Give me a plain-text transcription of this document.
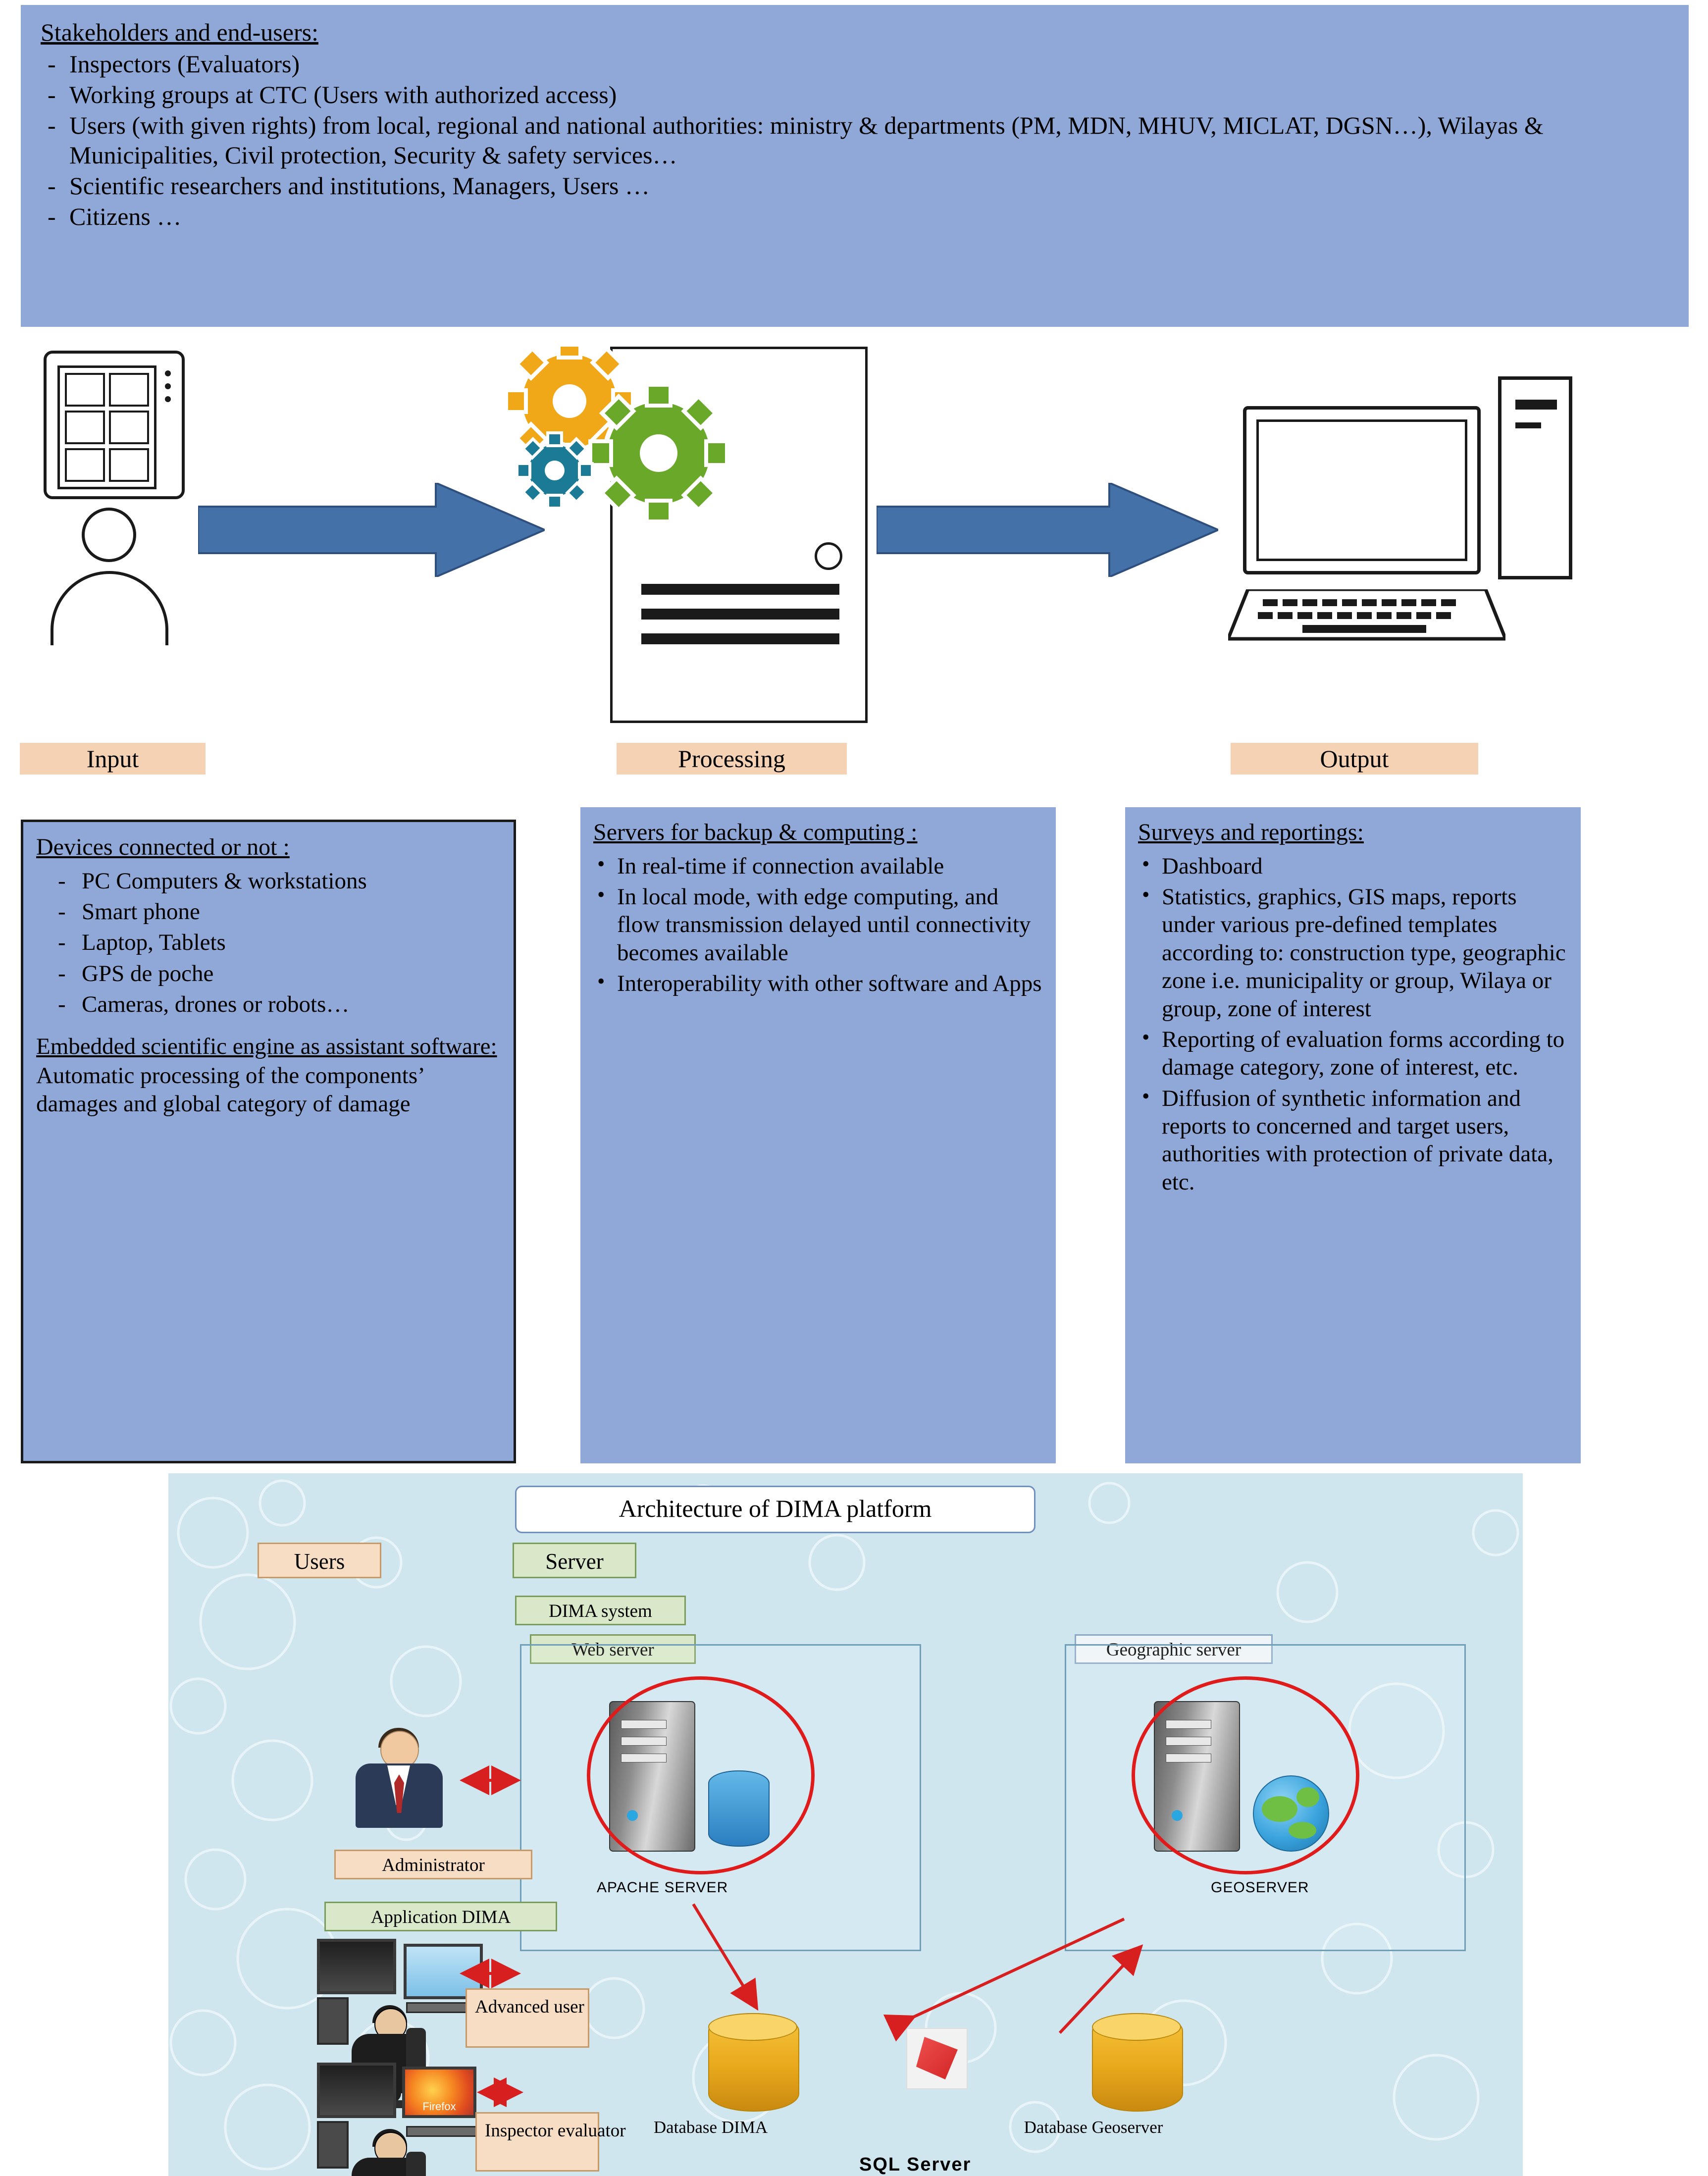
Stakeholders and end-users:
- Inspectors (Evaluators)
- Working groups at CTC (Users with authorized access)
- Users (with given rights) from local, regional and national authorities: ministry & departments (PM, MDN, MHUV, MICLAT, DGSN…), Wilayas & Municipalities, Civil protection, Security & safety services…
- Scientific researchers and institutions, Managers, Users …
- Citizens …
Input	Processing	Output
Devices connected or not :
- PC Computers & workstations
- Smart phone
- Laptop, Tablets
- GPS de poche
- Cameras, drones or robots…
Embedded scientific engine as assistant software:
Automatic processing of the components’ damages and global category of damage
Servers for backup & computing :
• In real-time if connection available
• In local mode, with edge computing, and flow transmission delayed until connectivity becomes available
• Interoperability with other software and Apps
Surveys and reportings:
• Dashboard
• Statistics, graphics, GIS maps, reports under various pre-defined templates according to: construction type, geographic zone i.e. municipality or group, Wilaya or group, zone of interest
• Reporting of evaluation forms according to damage category, zone of interest, etc.
• Diffusion of synthetic information and reports to concerned and target users, authorities with protection of private data, etc.
Architecture of DIMA platform
Users	Server
DIMA system
Web server	Geographic server
APACHE SERVER	GEOSERVER
Database DIMA	Database Geoserver
SQL Server
Administrator
Application DIMA
Advanced user
Firefox
Inspector evaluator
